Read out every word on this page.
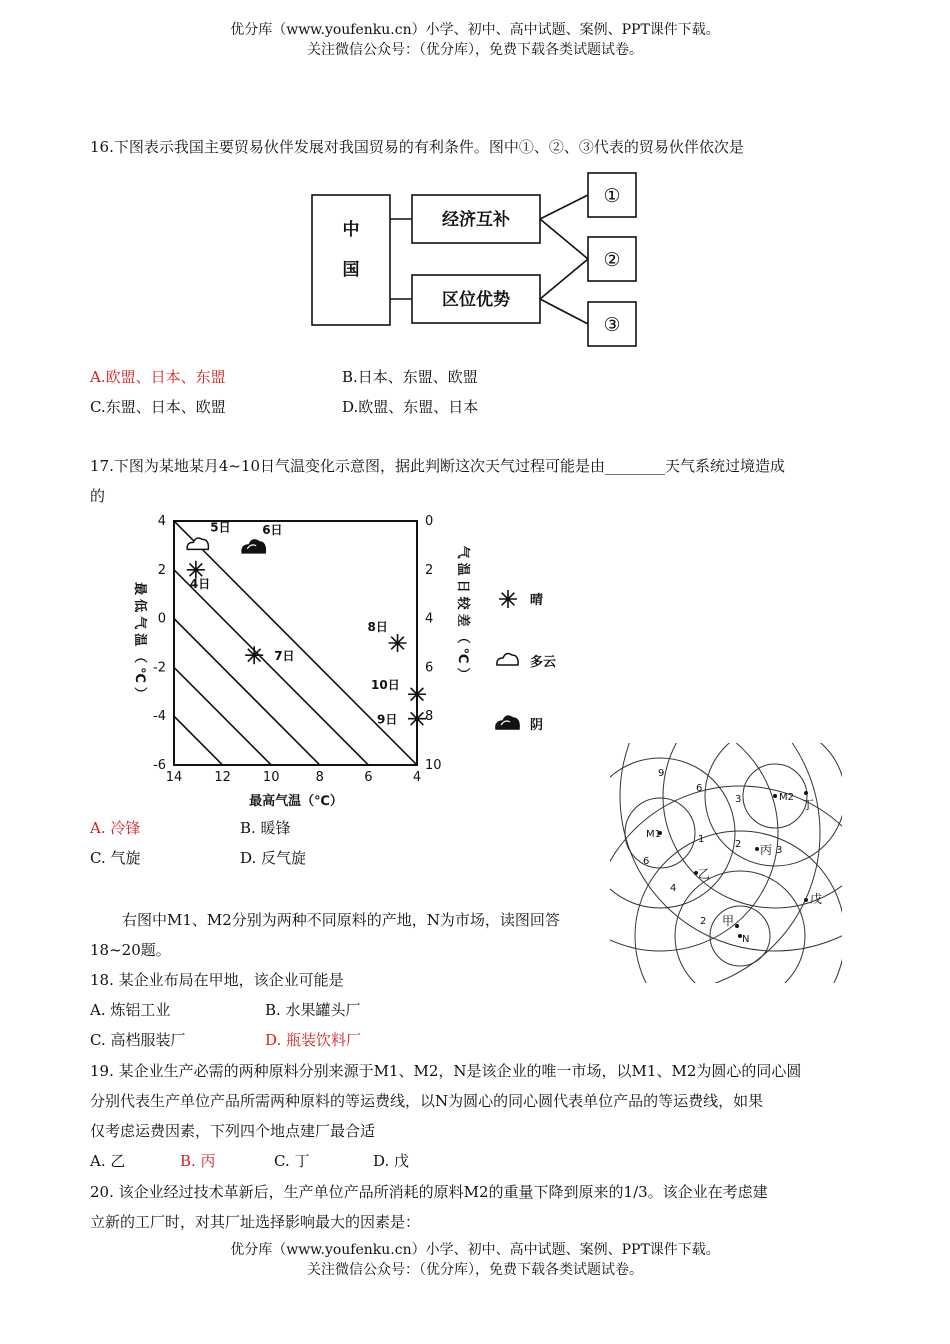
优分库（www.youfenku.cn）小学、初中、高中试题、案例、PPT课件下载。
关注微信公众号：（优分库），免费下载各类试题试卷。
16.下图表示我国主要贸易伙伴发展对我国贸易的有利条件。图中①、②、③代表的贸易伙伴依次是
中
国
经济互补
区位优势
①
②
③
A.欧盟、日本、东盟	B.日本、东盟、欧盟
C.东盟、日本、欧盟	D.欧盟、东盟、日本
17.下图为某地某月4~10日气温变化示意图，据此判断这次天气过程可能是由________天气系统过境造成
的
最低气温（℃）	气温日较差（℃）
最高气温（℃）
14 12 10	8	6	4
4
2
0
-2
-4
-6
0
2
4
6
8
10
4日
5日	6日
7日
8日
9日
10日
晴
多云
阴
A. 冷锋	B. 暖锋
C. 气旋	D. 反气旋
M1
M2
N
乙
丙
丁
戊
甲
9
6
4
6
3
2
3
2
1
右图中M1、M2分别为两种不同原料的产地，N为市场，读图回答
18~20题。
18. 某企业布局在甲地，该企业可能是
A. 炼铝工业	B. 水果罐头厂
C. 高档服装厂	D. 瓶装饮料厂
19. 某企业生产必需的两种原料分别来源于M1、M2，N是该企业的唯一市场，以M1、M2为圆心的同心圆
分别代表生产单位产品所需两种原料的等运费线，以N为圆心的同心圆代表单位产品的等运费线，如果
仅考虑运费因素，下列四个地点建厂最合适
A. 乙	B. 丙	C. 丁	D. 戊
20. 该企业经过技术革新后，生产单位产品所消耗的原料M2的重量下降到原来的1/3。该企业在考虑建
立新的工厂时，对其厂址选择影响最大的因素是：
优分库（www.youfenku.cn）小学、初中、高中试题、案例、PPT课件下载。
关注微信公众号：（优分库），免费下载各类试题试卷。
